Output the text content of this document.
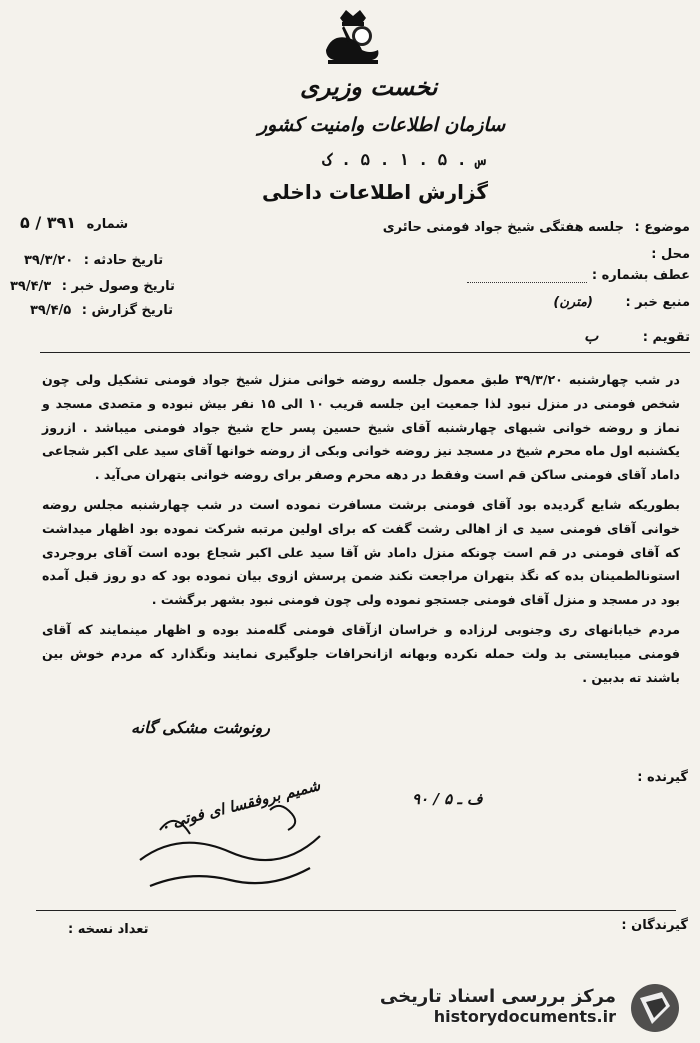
نخست وزیری
سازمان اطلاعات وامنیت کشور
س . ۵ . ۱ . ۵ . ک
گزارش اطلاعات داخلی
شماره ۳۹۱ / ۵
تاریخ حادثه : ۳۹/۳/۲۰
تاریخ وصول خبر : ۳۹/۴/۳
تاریخ گزارش : ۳۹/۴/۵
موضوع : جلسه هفتگی شیخ جواد فومنی حائری
محل :
عطف بشماره :
منبع خبر : (مترن)
تقویم : ب

در شب چهارشنبه ۳۹/۳/۲۰ طبق معمول جلسه روضه خوانی منزل شیخ جواد فومنی تشکیل ولی چون شخص فومنی در منزل نبود لذا جمعیت این جلسه قریب ۱۰ الی ۱۵ نفر بیش نبوده و متصدی مسجد و نماز و روضه خوانی شبهای چهارشنبه آقای شیخ حسین پسر حاج شیخ جواد فومنی میباشد . ازروز یکشنبه اول ماه محرم شیخ در مسجد نیز روضه خوانی وبکی از روضه خوانها آقای سید علی اکبر شجاعی داماد آقای فومنی ساکن قم است وفقط در دهه محرم وصفر برای روضه خوانی بتهران می‌آید .

بطوریکه شایع گردیده بود آقای فومنی برشت مسافرت نموده است در شب چهارشنبه مجلس روضه خوانی آقای فومنی سید ی از اهالی رشت گفت که برای اولین مرتبه شرکت نموده بود اظهار میداشت که آقای فومنی در قم است چونکه منزل داماد ش آقا سید علی اکبر شجاع بوده است آقای بروجردی استونالطمینان بده که نگذ بتهران مراجعت نکند ضمن پرسش ازوی بیان نموده بود که دو روز قبل آمده بود در مسجد و منزل آقای فومنی جستجو نموده ولی چون فومنی نبود بشهر برگشت .

مردم خیابانهای ری وجنوبی لرزاده و خراسان ازآقای فومنی گله‌مند بوده و اظهار مینمایند که آقای فومنی میبایستی بد ولت حمله نکرده وبهانه ازانحرافات جلوگیری نمایند ونگذارد که مردم خوش بین باشند ته بدبین .

رونوشت مشکی گانه
شمیم بروفقسا ای فوتی .	ف ـ ۵ / ۹۰
گیرنده :
گیرندگان :
تعداد نسخه :
مرکز بررسی اسناد تاریخی
historydocuments.ir
